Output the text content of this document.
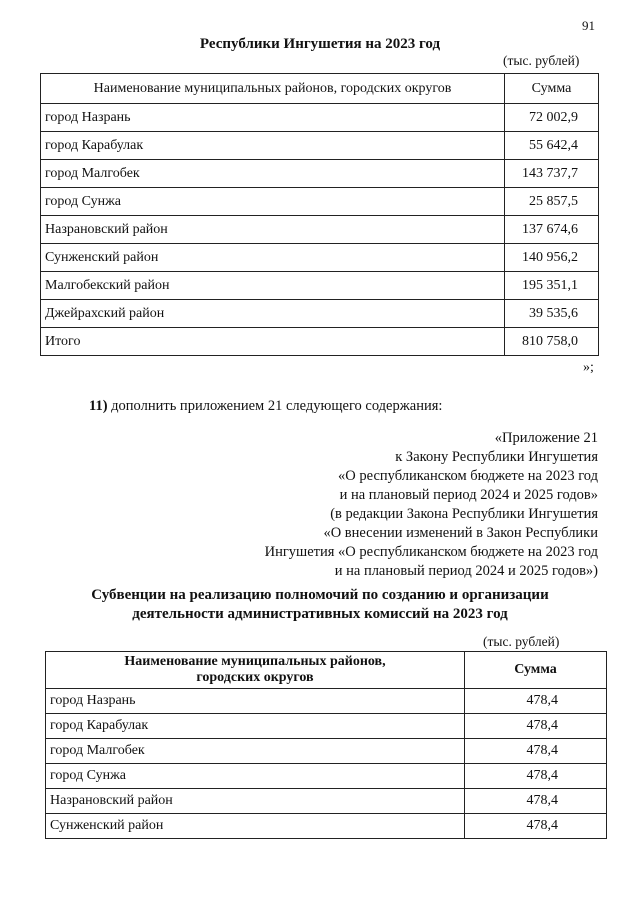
91
Республики Ингушетия на 2023 год
(тыс. рублей)
Наименование муниципальных районов, городских округов	Сумма
город Назрань	72 002,9
город Карабулак	55 642,4
город Малгобек	143 737,7
город Сунжа	25 857,5
Назрановский район	137 674,6
Сунженский район	140 956,2
Малгобекский район	195 351,1
Джейрахский район	39 535,6
Итого	810 758,0
»;
11) дополнить приложением 21 следующего содержания:
«Приложение 21
к Закону Республики Ингушетия
«О республиканском бюджете на 2023 год
и на плановый период 2024 и 2025 годов»
(в редакции Закона Республики Ингушетия
«О внесении изменений в Закон Республики
Ингушетия «О республиканском бюджете на 2023 год
и на плановый период 2024 и 2025 годов»)
Субвенции на реализацию полномочий по созданию и организации
деятельности административных комиссий на 2023 год
(тыс. рублей)
Наименование муниципальных районов,
городских округов	Сумма
город Назрань	478,4
город Карабулак	478,4
город Малгобек	478,4
город Сунжа	478,4
Назрановский район	478,4
Сунженский район	478,4
